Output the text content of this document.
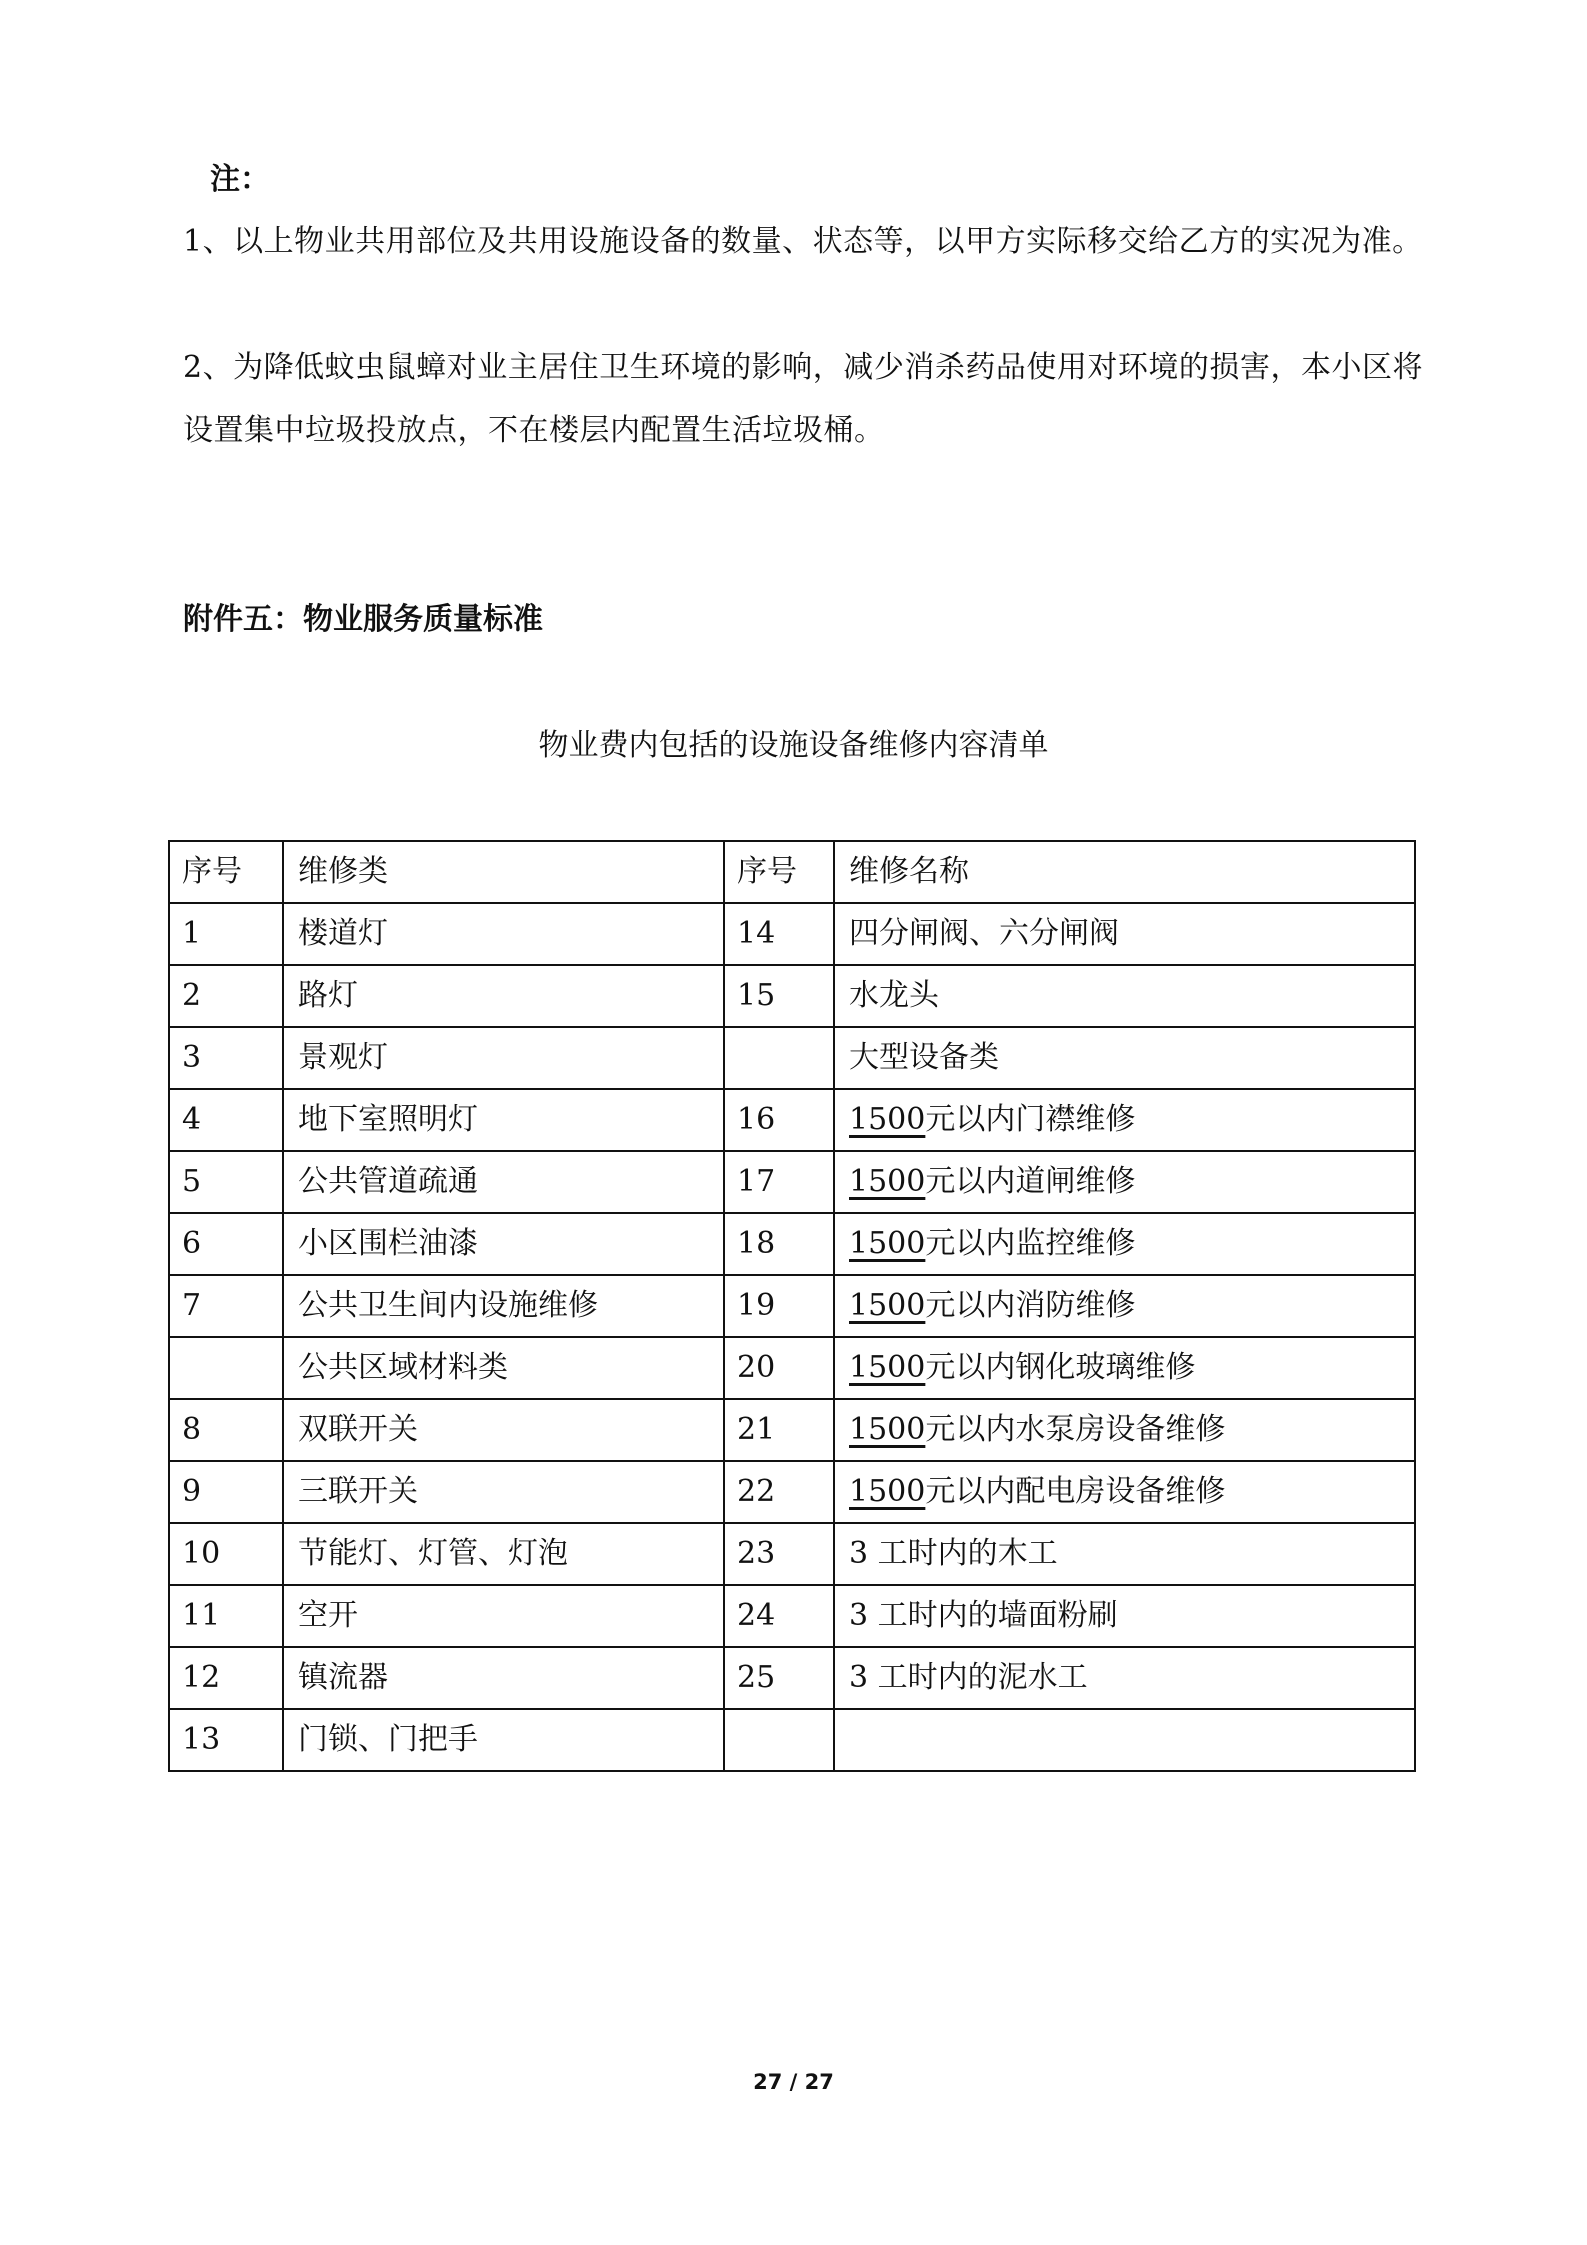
注：
1、以上物业共用部位及共用设施设备的数量、状态等，以甲方实际移交给乙方的实况为准。
2、为降低蚊虫鼠蟑对业主居住卫生环境的影响，减少消杀药品使用对环境的损害，本小区将设置集中垃圾投放点，不在楼层内配置生活垃圾桶。
附件五：物业服务质量标准
物业费内包括的设施设备维修内容清单
序号	维修类	序号	维修名称
1	楼道灯	14	四分闸阀、六分闸阀
2	路灯	15	水龙头
3	景观灯		大型设备类
4	地下室照明灯	16	1500元以内门襟维修
5	公共管道疏通	17	1500元以内道闸维修
6	小区围栏油漆	18	1500元以内监控维修
7	公共卫生间内设施维修	19	1500元以内消防维修
	公共区域材料类	20	1500元以内钢化玻璃维修
8	双联开关	21	1500元以内水泵房设备维修
9	三联开关	22	1500元以内配电房设备维修
10	节能灯、灯管、灯泡	23	3 工时内的木工
11	空开	24	3 工时内的墙面粉刷
12	镇流器	25	3 工时内的泥水工
13	门锁、门把手		
27 / 27
